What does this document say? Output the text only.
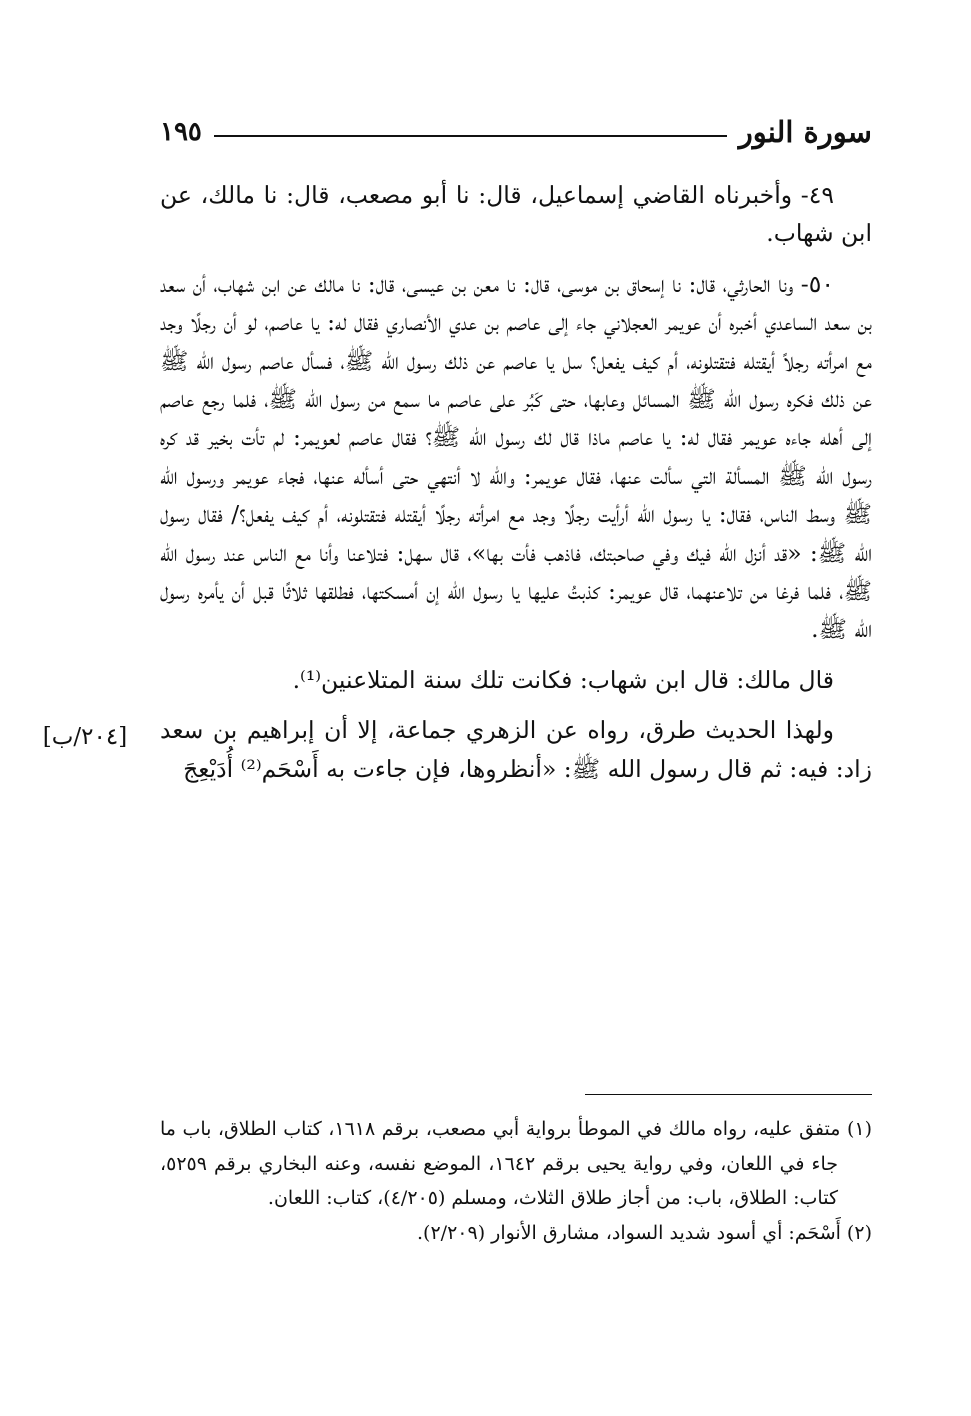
سورة النور
١٩٥

٤٩- وأخبرناه القاضي إسماعيل، قال: نا أبو مصعب، قال: نا مالك، عن ابن شهاب.

٥٠- ونا الحارثي، قال: نا إسحاق بن موسى، قال: نا معن بن عيسى، قال: نا مالك عن ابن شهاب، أن سعد بن سعد الساعدي أخبره أن عويمر العجلاني جاء إلى عاصم بن عدي الأنصاري فقال له: يا عاصم، لو أن رجلًا وجد مع امرأته رجلاً أيقتله فتقتلونه، أم كيف يفعل؟ سل يا عاصم عن ذلك رسول الله ﷺ، فسأل عاصم رسول الله ﷺ عن ذلك فكره رسول الله ﷺ المسائل وعابها، حتى كَبُر على عاصم ما سمع من رسول الله ﷺ، فلما رجع عاصم إلى أهله جاءه عويمر فقال له: يا عاصم ماذا قال لك رسول الله ﷺ؟ فقال عاصم لعويمر: لم تأت بخير قد كره رسول الله ﷺ المسألة التي سألت عنها، فقال عويمر: والله لا أنتهي حتى أسأله عنها، فجاء عويمر ورسول الله ﷺ وسط الناس، فقال: يا رسول الله أرأيت رجلًا وجد مع امرأته رجلًا أيقتله فتقتلونه، أم كيف يفعل؟/ فقال رسول الله ﷺ: «قد أنزل الله فيك وفي صاحبتك، فاذهب فأت بها»، قال سهل: فتلاعنا وأنا مع الناس عند رسول الله ﷺ، فلما فرغا من تلاعنهما، قال عويمر: كذبتُ عليها يا رسول الله إن أمسكتها، فطلقها ثلاثًا قبل أن يأمره رسول الله ﷺ.

قال مالك: قال ابن شهاب: فكانت تلك سنة المتلاعنين⁽¹⁾.

ولهذا الحديث طرق، رواه عن الزهري جماعة، إلا أن إبراهيم بن سعد زاد: فيه: ثم قال رسول الله ﷺ: «أنظروها، فإن جاءت به أَسْحَم⁽²⁾ أُدَيْعِجَ

[٢٠٤/ب]

(١) متفق عليه، رواه مالك في الموطأ برواية أبي مصعب، برقم ١٦١٨، كتاب الطلاق، باب ما جاء في اللعان، وفي رواية يحيى برقم ١٦٤٢، الموضع نفسه، وعنه البخاري برقم ٥٢٥٩، كتاب: الطلاق، باب: من أجاز طلاق الثلاث، ومسلم (٤/٢٠٥)، كتاب: اللعان.

(٢) أَسْحَم: أي أسود شديد السواد، مشارق الأنوار (٢/٢٠٩).
